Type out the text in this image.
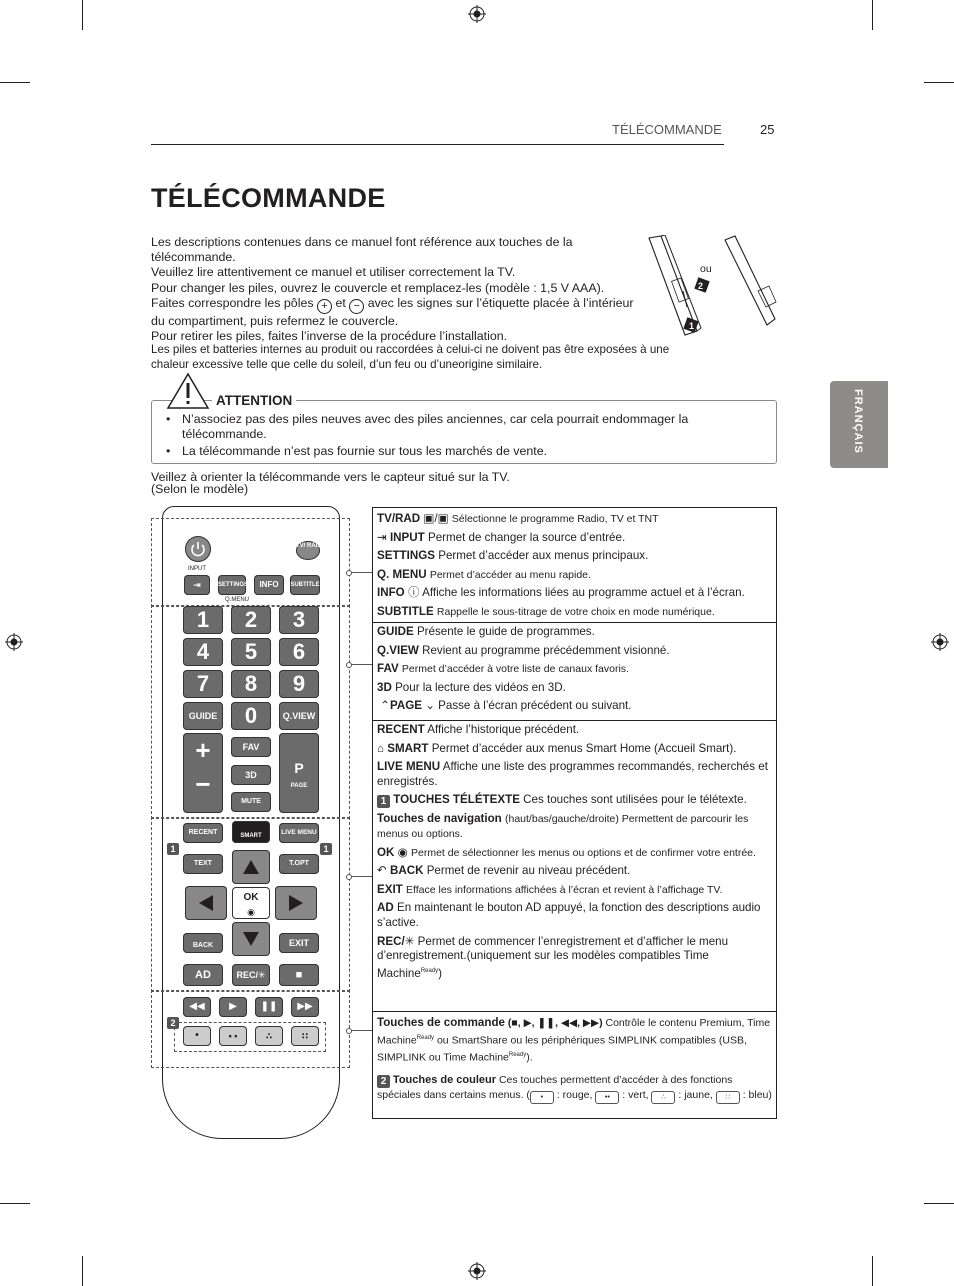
TÉLÉCOMMANDE	25
TÉLÉCOMMANDE
FRANÇAIS

Les descriptions contenues dans ce manuel font référence aux touches de la télécommande.

Veuillez lire attentivement ce manuel et utiliser correctement la TV.

Pour changer les piles, ouvrez le couvercle et remplacez-les (modèle : 1,5 V AAA).

Faites correspondre les pôles + et − avec les signes sur l’étiquette placée à l’intérieur du compartiment, puis refermez le couvercle.

Pour retirer les piles, faites l’inverse de la procédure l’installation.

Les piles et batteries internes au produit ou raccordées à celui-ci ne doivent pas être exposées à une chaleur excessive telle que celle du soleil, d’un feu ou d’uneorigine similaire.
ou
2
1
ATTENTION
• N’associez pas des piles neuves avec des piles anciennes, car cela pourrait endommager la télécommande.
• La télécommande n’est pas fournie sur tous les marchés de vente.
Veillez à orienter la télécommande vers le capteur situé sur la TV.
(Selon le modèle)
TV/ RAD
INPUT
⇥	SETTINGS
Q.MENU
INFO	SUBTITLE
1	2	3
4	5	6
7	8	9
GUIDE	0	Q.VIEW
+
−
FAV
3D
MUTE
P
PAGE
RECENT	SMART	LIVE MENU
TEXT	T.OPT
1	1
OK
◉
BACK	EXIT
AD	REC/✳	■
◀◀	▶	❚❚	▶▶
2
•	• •	∴	∷

TV/RAD ▣/▣ Sélectionne le programme Radio, TV et TNT

⇥ INPUT Permet de changer la source d’entrée.

SETTINGS Permet d’accéder aux menus principaux.

Q. MENU Permet d’accéder au menu rapide.

INFO ⓘ Affiche les informations liées au programme actuel et à l’écran.

SUBTITLE Rappelle le sous-titrage de votre choix en mode numérique.

GUIDE Présente le guide de programmes.

Q.VIEW Revient au programme précédemment visionné.

FAV Permet d’accéder à votre liste de canaux favoris.

3D Pour la lecture des vidéos en 3D.

⌃PAGE ⌄ Passe à l’écran précédent ou suivant.

RECENT Affiche l’historique précédent.

⌂ SMART Permet d’accéder aux menus Smart Home (Accueil Smart).

LIVE MENU Affiche une liste des programmes recommandés, recherchés et enregistrés.

1 TOUCHES TÉLÉTEXTE Ces touches sont utilisées pour le télétexte.

Touches de navigation (haut/bas/gauche/droite) Permettent de parcourir les menus ou options.

OK ◉ Permet de sélectionner les menus ou options et de confirmer votre entrée.

↶ BACK Permet de revenir au niveau précédent.

EXIT Efface les informations affichées à l’écran et revient à l’affichage TV.

AD En maintenant le bouton AD appuyé, la fonction des descriptions audio s’active.

REC/✳ Permet de commencer l’enregistrement et d’afficher le menu d’enregistrement.(uniquement sur les modèles compatibles Time Machine$^{Ready}$)

Touches de commande (■, ▶, ❚❚, ◀◀, ▶▶) Contrôle le contenu Premium, Time Machine$^{Ready}$ ou SmartShare ou les périphériques SIMPLINK compatibles (USB, SIMPLINK ou Time Machine$^{Ready}$).

2 Touches de couleur Ces touches permettent d’accéder à des fonctions spéciales dans certains menus. ( • : rouge, •• : vert, ∴ : jaune, ∷ : bleu)
